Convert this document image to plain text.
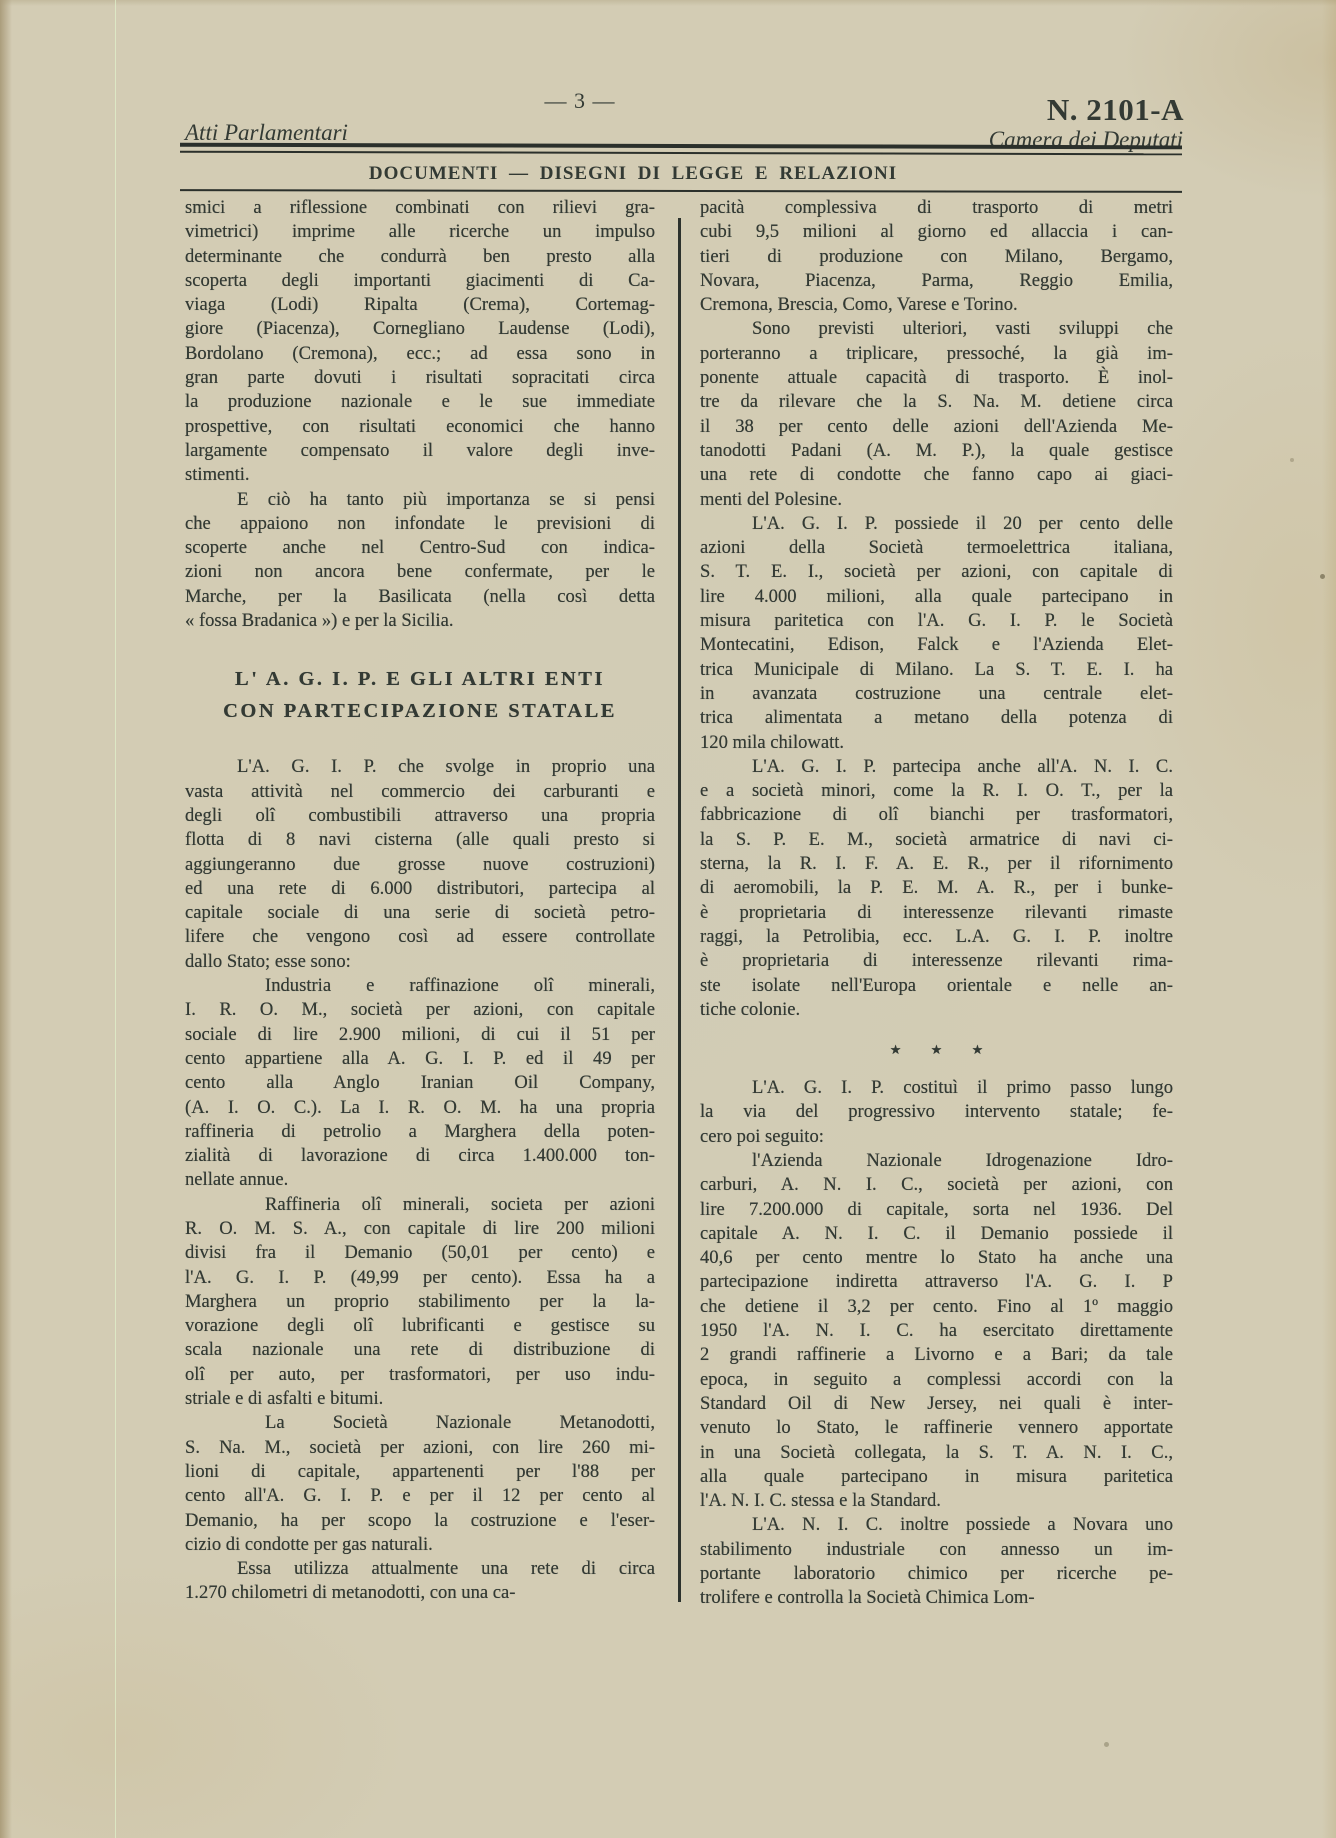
— 3 —	N. 2101-A
Atti Parlamentari	Camera dei Deputati
DOCUMENTI — DISEGNI DI LEGGE E RELAZIONI
smici a riflessione combinati con rilievi gra-
vimetrici) imprime alle ricerche un impulso
determinante che condurrà ben presto alla
scoperta degli importanti giacimenti di Ca-
viaga (Lodi) Ripalta (Crema), Cortemag-
giore (Piacenza), Cornegliano Laudense (Lodi),
Bordolano (Cremona), ecc.; ad essa sono in
gran parte dovuti i risultati sopracitati circa
la produzione nazionale e le sue immediate
prospettive, con risultati economici che hanno
largamente compensato il valore degli inve-
stimenti.
E ciò ha tanto più importanza se si pensi
che appaiono non infondate le previsioni di
scoperte anche nel Centro-Sud con indica-
zioni non ancora bene confermate, per le
Marche, per la Basilicata (nella così detta
« fossa Bradanica ») e per la Sicilia.
L' A. G. I. P. E GLI ALTRI ENTI
CON PARTECIPAZIONE STATALE
L'A. G. I. P. che svolge in proprio una
vasta attività nel commercio dei carburanti e
degli olî combustibili attraverso una propria
flotta di 8 navi cisterna (alle quali presto si
aggiungeranno due grosse nuove costruzioni)
ed una rete di 6.000 distributori, partecipa al
capitale sociale di una serie di società petro-
lifere che vengono così ad essere controllate
dallo Stato; esse sono:
Industria e raffinazione olî minerali,
I. R. O. M., società per azioni, con capitale
sociale di lire 2.900 milioni, di cui il 51 per
cento appartiene alla A. G. I. P. ed il 49 per
cento alla Anglo Iranian Oil Company,
(A. I. O. C.). La I. R. O. M. ha una propria
raffineria di petrolio a Marghera della poten-
zialità di lavorazione di circa 1.400.000 ton-
nellate annue.
Raffineria olî minerali, societa per azioni
R. O. M. S. A., con capitale di lire 200 milioni
divisi fra il Demanio (50,01 per cento) e
l'A. G. I. P. (49,99 per cento). Essa ha a
Marghera un proprio stabilimento per la la-
vorazione degli olî lubrificanti e gestisce su
scala nazionale una rete di distribuzione di
olî per auto, per trasformatori, per uso indu-
striale e di asfalti e bitumi.
La Società Nazionale Metanodotti,
S. Na. M., società per azioni, con lire 260 mi-
lioni di capitale, appartenenti per l'88 per
cento all'A. G. I. P. e per il 12 per cento al
Demanio, ha per scopo la costruzione e l'eser-
cizio di condotte per gas naturali.
Essa utilizza attualmente una rete di circa
1.270 chilometri di metanodotti, con una ca-
pacità complessiva di trasporto di metri
cubi 9,5 milioni al giorno ed allaccia i can-
tieri di produzione con Milano, Bergamo,
Novara, Piacenza, Parma, Reggio Emilia,
Cremona, Brescia, Como, Varese e Torino.
Sono previsti ulteriori, vasti sviluppi che
porteranno a triplicare, pressoché, la già im-
ponente attuale capacità di trasporto. È inol-
tre da rilevare che la S. Na. M. detiene circa
il 38 per cento delle azioni dell'Azienda Me-
tanodotti Padani (A. M. P.), la quale gestisce
una rete di condotte che fanno capo ai giaci-
menti del Polesine.
L'A. G. I. P. possiede il 20 per cento delle
azioni della Società termoelettrica italiana,
S. T. E. I., società per azioni, con capitale di
lire 4.000 milioni, alla quale partecipano in
misura paritetica con l'A. G. I. P. le Società
Montecatini, Edison, Falck e l'Azienda Elet-
trica Municipale di Milano. La S. T. E. I. ha
in avanzata costruzione una centrale elet-
trica alimentata a metano della potenza di
120 mila chilowatt.
L'A. G. I. P. partecipa anche all'A. N. I. C.
e a società minori, come la R. I. O. T., per la
fabbricazione di olî bianchi per trasformatori,
la S. P. E. M., società armatrice di navi ci-
sterna, la R. I. F. A. E. R., per il rifornimento
di aeromobili, la P. E. M. A. R., per i bunke-
è proprietaria di interessenze rilevanti rimaste
raggi, la Petrolibia, ecc. L.A. G. I. P. inoltre
è proprietaria di interessenze rilevanti rima-
ste isolate nell'Europa orientale e nelle an-
tiche colonie.
★ ★ ★
L'A. G. I. P. costituì il primo passo lungo
la via del progressivo intervento statale; fe-
cero poi seguito:
l'Azienda Nazionale Idrogenazione Idro-
carburi, A. N. I. C., società per azioni, con
lire 7.200.000 di capitale, sorta nel 1936. Del
capitale A. N. I. C. il Demanio possiede il
40,6 per cento mentre lo Stato ha anche una
partecipazione indiretta attraverso l'A. G. I. P
che detiene il 3,2 per cento. Fino al 1º maggio
1950 l'A. N. I. C. ha esercitato direttamente
2 grandi raffinerie a Livorno e a Bari; da tale
epoca, in seguito a complessi accordi con la
Standard Oil di New Jersey, nei quali è inter-
venuto lo Stato, le raffinerie vennero apportate
in una Società collegata, la S. T. A. N. I. C.,
alla quale partecipano in misura paritetica
l'A. N. I. C. stessa e la Standard.
L'A. N. I. C. inoltre possiede a Novara uno
stabilimento industriale con annesso un im-
portante laboratorio chimico per ricerche pe-
trolifere e controlla la Società Chimica Lom-
